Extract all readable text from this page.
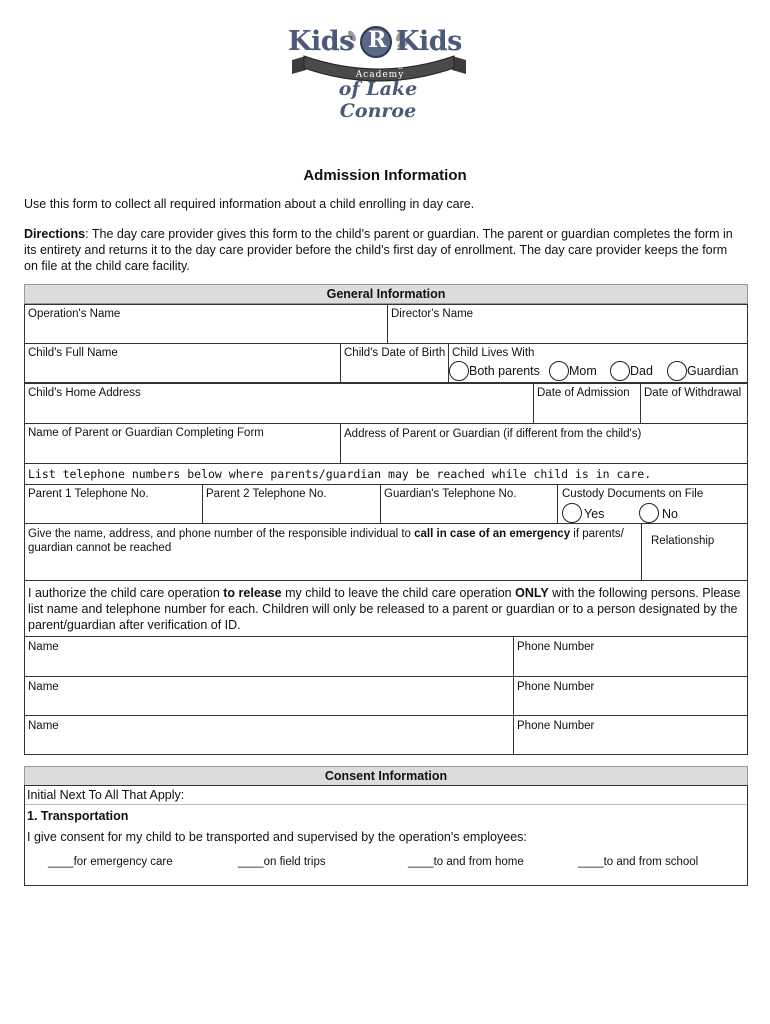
Kids R Kids
Learning Academy
of Lake Conroe
Admission Information
Use this form to collect all required information about a child enrolling in day care.
Directions: The day care provider gives this form to the child’s parent or guardian. The parent or guardian completes the form in its entirety and returns it to the day care provider before the child's first day of enrollment. The day care provider keeps the form on file at the child care facility.
General Information
Operation's Name	Director's Name
Child's Full Name	Child's Date of Birth Child Lives With
Both parents Mom	Dad	Guardian
Child's Home Address	Date of Admission Date of Withdrawal
Name of Parent or Guardian Completing Form	Address of Parent or Guardian (if different from the child's)
List telephone numbers below where parents/guardian may be reached while child is in care.
Parent 1 Telephone No.	Parent 2 Telephone No.	Guardian's Telephone No.	Custody Documents on File
Yes	No
Give the name, address, and phone number of the responsible individual to call in case of an emergency if parents/ guardian cannot be reached
Relationship
I authorize the child care operation to release my child to leave the child care operation ONLY with the following persons. Please list name and telephone number for each. Children will only be released to a parent or guardian or to a person designated by the parent/guardian after verification of ID.
Name	Phone Number
Name	Phone Number
Name	Phone Number
Consent Information
Initial Next To All That Apply:
1. Transportation
I give consent for my child to be transported and supervised by the operation's employees:
____for emergency care	____on field trips	____to and from home	____to and from school
